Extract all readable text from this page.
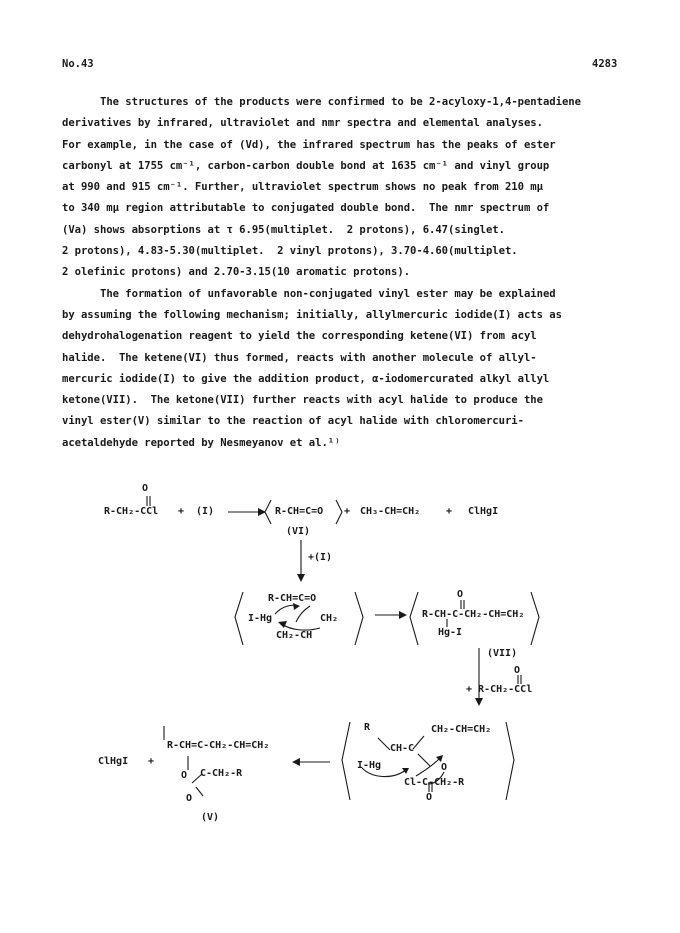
No.43	4283
The structures of the products were confirmed to be 2-acyloxy-1,4-pentadiene
derivatives by infrared, ultraviolet and nmr spectra and elemental analyses.
For example, in the case of (Vd), the infrared spectrum has the peaks of ester
carbonyl at 1755 cm⁻¹, carbon-carbon double bond at 1635 cm⁻¹ and vinyl group
at 990 and 915 cm⁻¹. Further, ultraviolet spectrum shows no peak from 210 mμ
to 340 mμ region attributable to conjugated double bond.  The nmr spectrum of
(Va) shows absorptions at τ 6.95(multiplet.  2 protons), 6.47(singlet.
2 protons), 4.83-5.30(multiplet.  2 vinyl protons), 3.70-4.60(multiplet.
2 olefinic protons) and 2.70-3.15(10 aromatic protons).
The formation of unfavorable non-conjugated vinyl ester may be explained
by assuming the following mechanism; initially, allylmercuric iodide(I) acts as
dehydrohalogenation reagent to yield the corresponding ketene(VI) from acyl
halide.  The ketene(VI) thus formed, reacts with another molecule of allyl-
mercuric iodide(I) to give the addition product, α-iodomercurated alkyl allyl
ketone(VII).  The ketone(VII) further reacts with acyl halide to produce the
vinyl ester(V) similar to the reaction of acyl halide with chloromercuri-
acetaldehyde reported by Nesmeyanov et al.¹⁾
O
R-CH₂-CCl + (I)	R-CH=C=O
(VI)
+ CH₃-CH=CH₂	+ ClHgI
+(I)
R-CH=C=O
I-Hg	CH₂
CH₂-CH
O
R-CH-C-CH₂-CH=CH₂
Hg-I
(VII)
O
+ R-CH₂-CCl
R	CH₂-CH=CH₂
CH-C
I-Hg	O
Cl-C-CH₂-R
O
ClHgI +
R-CH=C-CH₂-CH=CH₂
O C-CH₂-R
O
(V)
